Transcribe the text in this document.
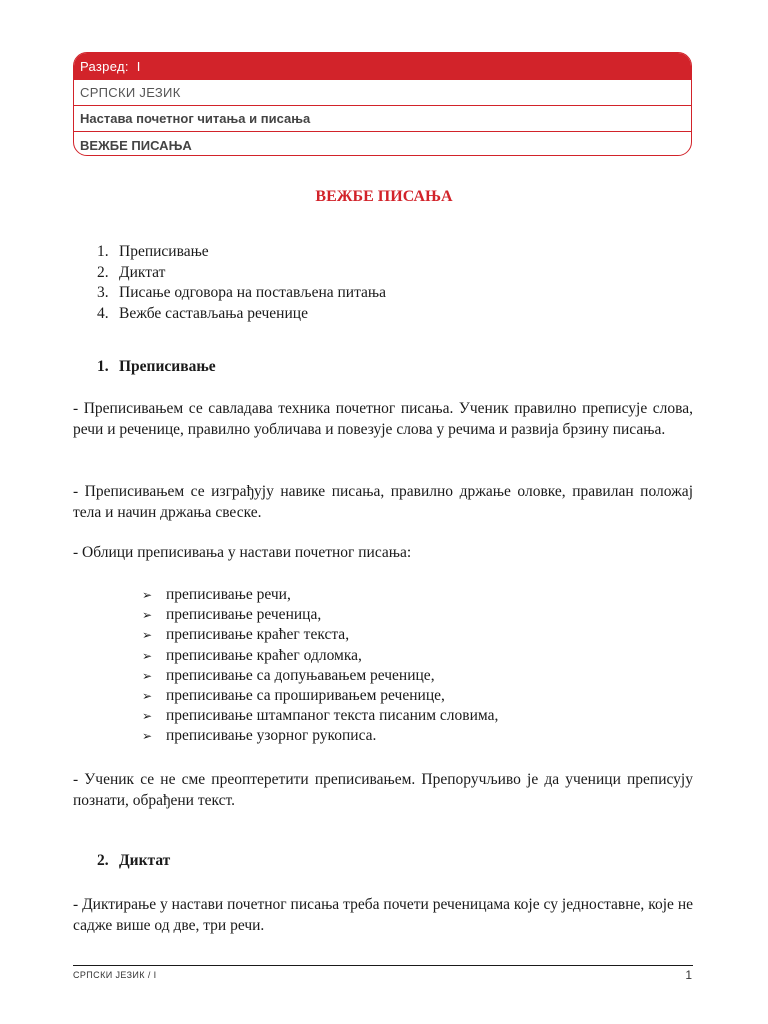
Разред: I
СРПСКИ ЈЕЗИК
Настава почетног читања и писања
ВЕЖБЕ ПИСАЊА
ВЕЖБЕ ПИСАЊА
1. Преписивање
2. Диктат
3. Писање одговора на постављена питања
4. Вежбе састављања реченице
1. Преписивање

- Преписивањем се савладава техника почетног писања. Ученик правилно преписује слова, речи и реченице, правилно уобличава и повезује слова у речима и развија брзину писања.

- Преписивањем се изграђују навике писања, правилно држање оловке, правилан положај тела и начин држања свеске.

- Облици преписивања у настави почетног писања:

➢ преписивање речи,
➢ преписивање реченица,
➢ преписивање краћег текста,
➢ преписивање краћег одломка,
➢ преписивање са допуњавањем реченице,
➢ преписивање са проширивањем реченице,
➢ преписивање штампаног текста писаним словима,
➢ преписивање узорног рукописа.

- Ученик се не сме преоптеретити преписивањем. Препоручљиво је да ученици преписују познати, обрађени текст.

2. Диктат

- Диктирање у настави почетног писања треба почети реченицама које су једноставне, које не садже више од две, три речи.

СРПСКИ ЈЕЗИК / I	1
